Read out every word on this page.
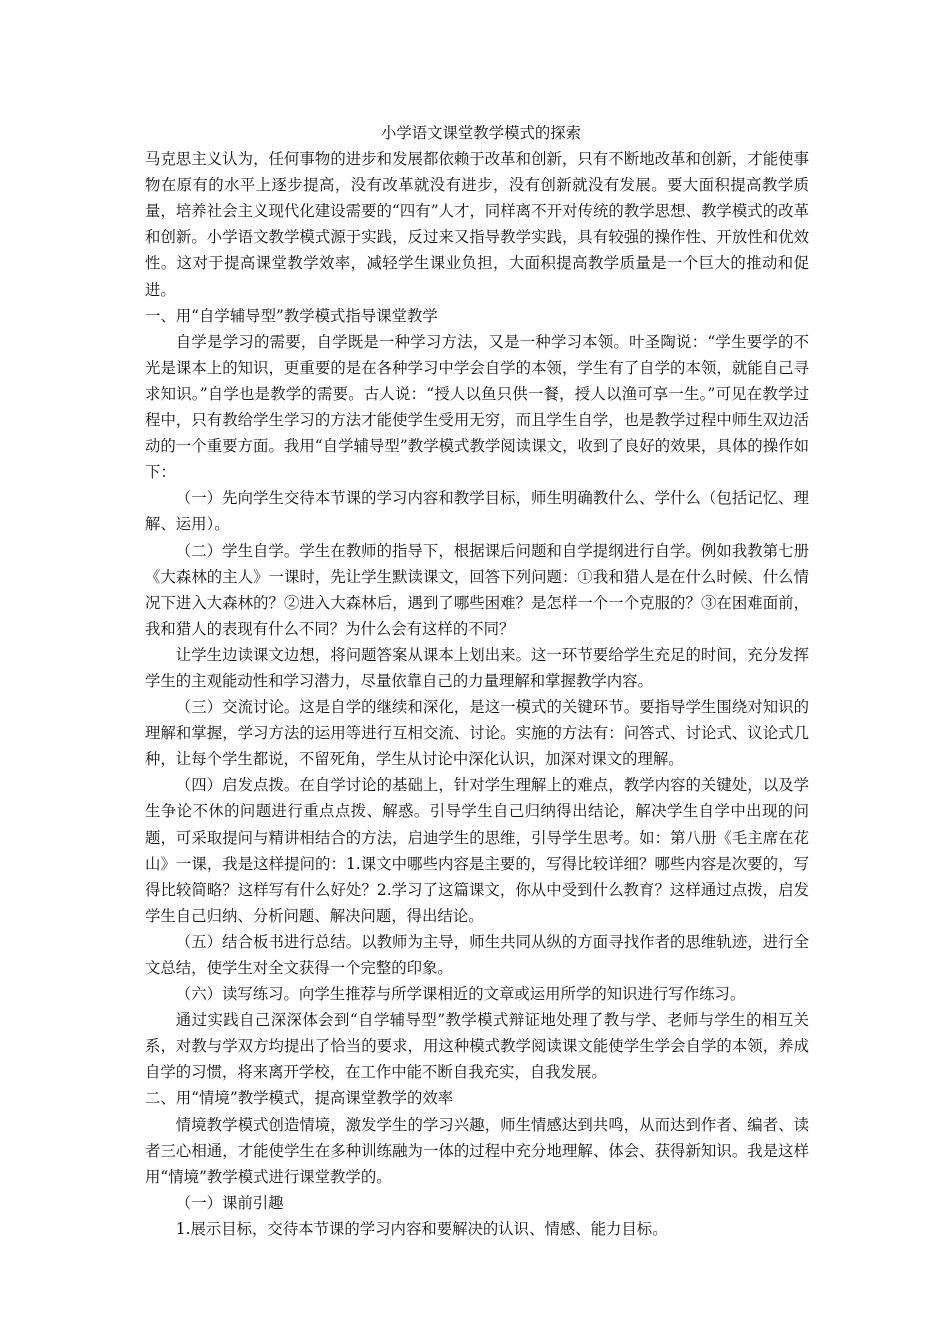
小学语文课堂教学模式的探索

马克思主义认为，任何事物的进步和发展都依赖于改革和创新，只有不断地改革和创新，才能使事物在原有的水平上逐步提高，没有改革就没有进步，没有创新就没有发展。要大面积提高教学质量，培养社会主义现代化建设需要的“四有”人才，同样离不开对传统的教学思想、教学模式的改革和创新。小学语文教学模式源于实践，反过来又指导教学实践，具有较强的操作性、开放性和优效性。这对于提高课堂教学效率，减轻学生课业负担，大面积提高教学质量是一个巨大的推动和促进。

一、用“自学辅导型”教学模式指导课堂教学

自学是学习的需要，自学既是一种学习方法，又是一种学习本领。叶圣陶说：“学生要学的不光是课本上的知识，更重要的是在各种学习中学会自学的本领，学生有了自学的本领，就能自己寻求知识。”自学也是教学的需要。古人说：“授人以鱼只供一餐，授人以渔可享一生。”可见在教学过程中，只有教给学生学习的方法才能使学生受用无穷，而且学生自学，也是教学过程中师生双边活动的一个重要方面。我用“自学辅导型”教学模式教学阅读课文，收到了良好的效果，具体的操作如下：

（一）先向学生交待本节课的学习内容和教学目标，师生明确教什么、学什么（包括记忆、理解、运用）。

（二）学生自学。学生在教师的指导下，根据课后问题和自学提纲进行自学。例如我教第七册《大森林的主人》一课时，先让学生默读课文，回答下列问题：①我和猎人是在什么时候、什么情况下进入大森林的？②进入大森林后，遇到了哪些困难？是怎样一个一个克服的？③在困难面前，我和猎人的表现有什么不同？为什么会有这样的不同？

让学生边读课文边想，将问题答案从课本上划出来。这一环节要给学生充足的时间，充分发挥学生的主观能动性和学习潜力，尽量依靠自己的力量理解和掌握教学内容。

（三）交流讨论。这是自学的继续和深化，是这一模式的关键环节。要指导学生围绕对知识的理解和掌握，学习方法的运用等进行互相交流、讨论。实施的方法有：问答式、讨论式、议论式几种，让每个学生都说，不留死角，学生从讨论中深化认识，加深对课文的理解。

（四）启发点拨。在自学讨论的基础上，针对学生理解上的难点，教学内容的关键处，以及学生争论不休的问题进行重点点拨、解惑。引导学生自己归纳得出结论，解决学生自学中出现的问题，可采取提问与精讲相结合的方法，启迪学生的思维，引导学生思考。如：第八册《毛主席在花山》一课，我是这样提问的：1.课文中哪些内容是主要的，写得比较详细？哪些内容是次要的，写得比较简略？这样写有什么好处？2.学习了这篇课文，你从中受到什么教育？这样通过点拨，启发学生自己归纳、分析问题、解决问题，得出结论。

（五）结合板书进行总结。以教师为主导，师生共同从纵的方面寻找作者的思维轨迹，进行全文总结，使学生对全文获得一个完整的印象。

（六）读写练习。向学生推荐与所学课相近的文章或运用所学的知识进行写作练习。

通过实践自己深深体会到“自学辅导型”教学模式辩证地处理了教与学、老师与学生的相互关系，对教与学双方均提出了恰当的要求，用这种模式教学阅读课文能使学生学会自学的本领，养成自学的习惯，将来离开学校，在工作中能不断自我充实，自我发展。

二、用“情境”教学模式，提高课堂教学的效率

情境教学模式创造情境，激发学生的学习兴趣，师生情感达到共鸣，从而达到作者、编者、读者三心相通，才能使学生在多种训练融为一体的过程中充分地理解、体会、获得新知识。我是这样用“情境”教学模式进行课堂教学的。

（一）课前引趣

1.展示目标，交待本节课的学习内容和要解决的认识、情感、能力目标。
